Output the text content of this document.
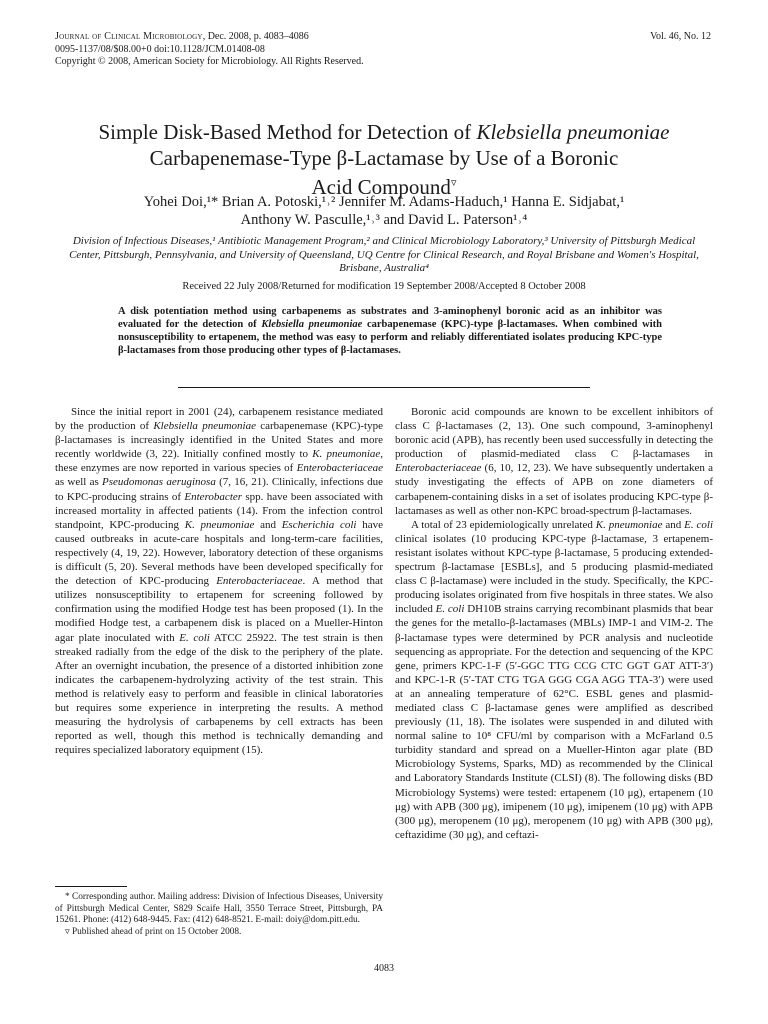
Journal of Clinical Microbiology, Dec. 2008, p. 4083–4086
0095-1137/08/$08.00+0 doi:10.1128/JCM.01408-08
Copyright © 2008, American Society for Microbiology. All Rights Reserved.
Vol. 46, No. 12
Simple Disk-Based Method for Detection of Klebsiella pneumoniae
Carbapenemase-Type β-Lactamase by Use of a Boronic
Acid Compound▿
Yohei Doi,¹* Brian A. Potoski,¹˒² Jennifer M. Adams-Haduch,¹ Hanna E. Sidjabat,¹
Anthony W. Pasculle,¹˒³ and David L. Paterson¹˒⁴
Division of Infectious Diseases,¹ Antibiotic Management Program,² and Clinical Microbiology Laboratory,³ University of Pittsburgh Medical Center, Pittsburgh, Pennsylvania, and University of Queensland, UQ Centre for Clinical Research, and Royal Brisbane and Women's Hospital, Brisbane, Australia⁴
Received 22 July 2008/Returned for modification 19 September 2008/Accepted 8 October 2008
A disk potentiation method using carbapenems as substrates and 3-aminophenyl boronic acid as an inhibitor was evaluated for the detection of Klebsiella pneumoniae carbapenemase (KPC)-type β-lactamases. When combined with nonsusceptibility to ertapenem, the method was easy to perform and reliably differentiated isolates producing KPC-type β-lactamases from those producing other types of β-lactamases.

Since the initial report in 2001 (24), carbapenem resistance mediated by the production of Klebsiella pneumoniae carbapenemase (KPC)-type β-lactamases is increasingly identified in the United States and more recently worldwide (3, 22). Initially confined mostly to K. pneumoniae, these enzymes are now reported in various species of Enterobacteriaceae as well as Pseudomonas aeruginosa (7, 16, 21). Clinically, infections due to KPC-producing strains of Enterobacter spp. have been associated with increased mortality in affected patients (14). From the infection control standpoint, KPC-producing K. pneumoniae and Escherichia coli have caused outbreaks in acute-care hospitals and long-term-care facilities, respectively (4, 19, 22). However, laboratory detection of these organisms is difficult (5, 20). Several methods have been developed specifically for the detection of KPC-producing Enterobacteriaceae. A method that utilizes nonsusceptibility to ertapenem for screening followed by confirmation using the modified Hodge test has been proposed (1). In the modified Hodge test, a carbapenem disk is placed on a Mueller-Hinton agar plate inoculated with E. coli ATCC 25922. The test strain is then streaked radially from the edge of the disk to the periphery of the plate. After an overnight incubation, the presence of a distorted inhibition zone indicates the carbapenem-hydrolyzing activity of the test strain. This method is relatively easy to perform and feasible in clinical laboratories but requires some experience in interpreting the results. A method measuring the hydrolysis of carbapenems by cell extracts has been reported as well, though this method is technically demanding and requires specialized laboratory equipment (15).

* Corresponding author. Mailing address: Division of Infectious Diseases, University of Pittsburgh Medical Center, S829 Scaife Hall, 3550 Terrace Street, Pittsburgh, PA 15261. Phone: (412) 648-9445. Fax: (412) 648-8521. E-mail: doiy@dom.pitt.edu.

▿ Published ahead of print on 15 October 2008.

Boronic acid compounds are known to be excellent inhibitors of class C β-lactamases (2, 13). One such compound, 3-aminophenyl boronic acid (APB), has recently been used successfully in detecting the production of plasmid-mediated class C β-lactamases in Enterobacteriaceae (6, 10, 12, 23). We have subsequently undertaken a study investigating the effects of APB on zone diameters of carbapenem-containing disks in a set of isolates producing KPC-type β-lactamases as well as other non-KPC broad-spectrum β-lactamases.

A total of 23 epidemiologically unrelated K. pneumoniae and E. coli clinical isolates (10 producing KPC-type β-lactamase, 3 ertapenem-resistant isolates without KPC-type β-lactamase, 5 producing extended-spectrum β-lactamase [ESBLs], and 5 producing plasmid-mediated class C β-lactamase) were included in the study. Specifically, the KPC-producing isolates originated from five hospitals in three states. We also included E. coli DH10B strains carrying recombinant plasmids that bear the genes for the metallo-β-lactamases (MBLs) IMP-1 and VIM-2. The β-lactamase types were determined by PCR analysis and nucleotide sequencing as appropriate. For the detection and sequencing of the KPC gene, primers KPC-1-F (5′-GGC TTG CCG CTC GGT GAT ATT-3′) and KPC-1-R (5′-TAT CTG TGA GGG CGA AGG TTA-3′) were used at an annealing temperature of 62°C. ESBL genes and plasmid-mediated class C β-lactamase genes were amplified as described previously (11, 18). The isolates were suspended in and diluted with normal saline to 10⁸ CFU/ml by comparison with a McFarland 0.5 turbidity standard and spread on a Mueller-Hinton agar plate (BD Microbiology Systems, Sparks, MD) as recommended by the Clinical and Laboratory Standards Institute (CLSI) (8). The following disks (BD Microbiology Systems) were tested: ertapenem (10 μg), ertapenem (10 μg) with APB (300 μg), imipenem (10 μg), imipenem (10 μg) with APB (300 μg), meropenem (10 μg), meropenem (10 μg) with APB (300 μg), ceftazidime (30 μg), and ceftazi-

4083
